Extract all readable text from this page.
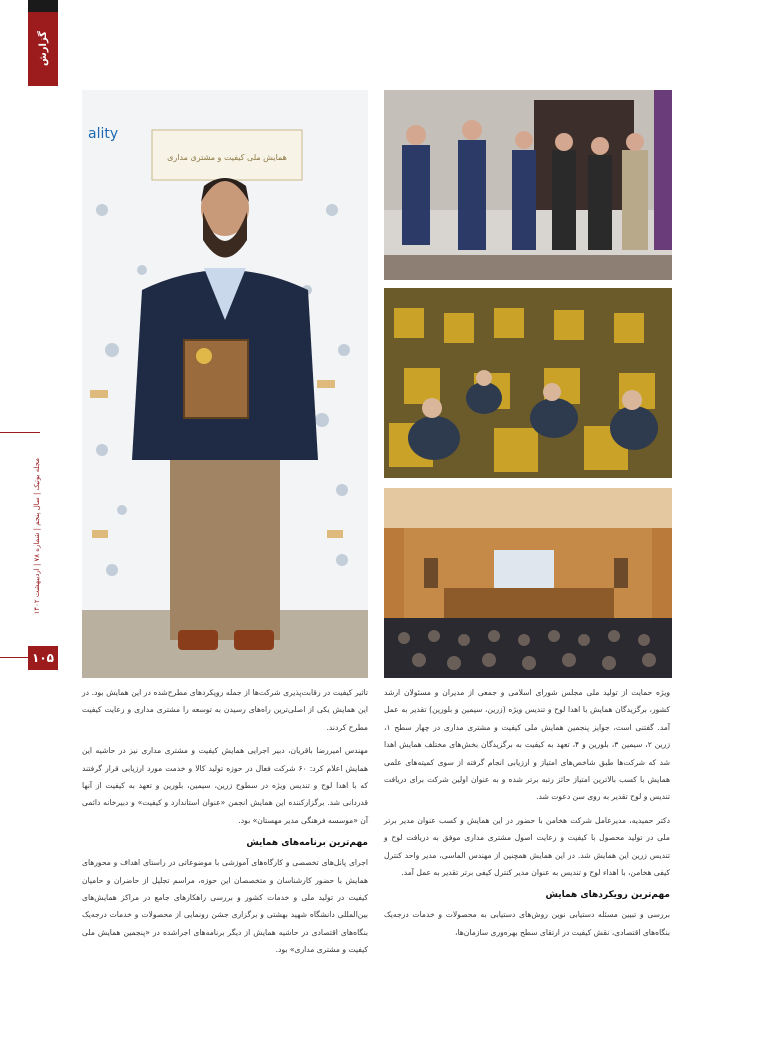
گزارش
مجله بوتیک | سال پنجم | شماره ۷۸ | اردیبهشت ۱۴۰۲
۱۰۵
همایش ملی کیفیت و مشتری مداری
ality

ویژه حمایت از تولید ملی مجلس شورای اسلامی و جمعی از مدیران و مسئولان ارشد کشور، برگزیدگان همایش با اهدا لوح و تندیس ویژه (زرین، سیمین و بلورین) تقدیر به عمل آمد. گفتنی است، جوایز پنجمین همایش ملی کیفیت و مشتری مداری در چهار سطح ۱، زرین ۲، سیمین ۳، بلورین و ۴، تعهد به کیفیت به برگزیدگان بخش‌های مختلف همایش اهدا شد که شرکت‌ها طبق شاخص‌های امتیاز و ارزیابی انجام گرفته از سوی کمیته‌های علمی همایش با کسب بالاترین امتیاز حائز رتبه برتر شده و به عنوان اولین شرکت برای دریافت تندیس و لوح تقدیر به روی سن دعوت شد.

دکتر حمیدیه، مدیرعامل شرکت هخامن با حضور در این همایش و کسب عنوان مدیر برتر ملی در تولید محصول با کیفیت و رعایت اصول مشتری مداری موفق به دریافت لوح و تندیس زرین این همایش شد. در این همایش همچنین از مهندس الماسی، مدیر واحد کنترل کیفی هخامن، با اهداء لوح و تندیس به عنوان مدیر کنترل کیفی برتر تقدیر به عمل آمد.

مهم‌ترین رویکردهای همایش

بررسی و تبیین مسئله دستیابی نوین روش‌های دستیابی به محصولات و خدمات درجه‌یک بنگاه‌های اقتصادی، نقش کیفیت در ارتقای سطح بهره‌وری سازمان‌ها،

تاثیر کیفیت در رقابت‌پذیری شرکت‌ها از جمله رویکردهای مطرح‌شده در این همایش بود. در این همایش یکی از اصلی‌ترین راه‌های رسیدن به توسعه را مشتری مداری و رعایت کیفیت مطرح کردند.

مهندس امیررضا باقریان، دبیر اجرایی همایش کیفیت و مشتری مداری نیز در حاشیه این همایش اعلام کرد: ۶۰ شرکت فعال در حوزه تولید کالا و خدمت مورد ارزیابی قرار گرفتند که با اهدا لوح و تندیس ویژه در سطوح زرین، سیمین، بلورین و تعهد به کیفیت از آنها قدردانی شد. برگزارکننده این همایش انجمن «عنوان استاندارد و کیفیت» و دبیرخانه دائمی آن «موسسه فرهنگی مدیر مهستان» بود.

مهم‌ترین برنامه‌های همایش

اجرای پانل‌های تخصصی و کارگاه‌های آموزشی با موضوعاتی در راستای اهداف و محورهای همایش با حضور کارشناسان و متخصصان این حوزه، مراسم تجلیل از حاضران و حامیان کیفیت در تولید ملی و خدمات کشور و بررسی راهکارهای جامع در مراکز همایش‌های بین‌المللی دانشگاه شهید بهشتی و برگزاری جشن رونمایی از محصولات و خدمات درجه‌یک بنگاه‌های اقتصادی در حاشیه همایش از دیگر برنامه‌های اجراشده در «پنجمین همایش ملی کیفیت و مشتری مداری» بود.
